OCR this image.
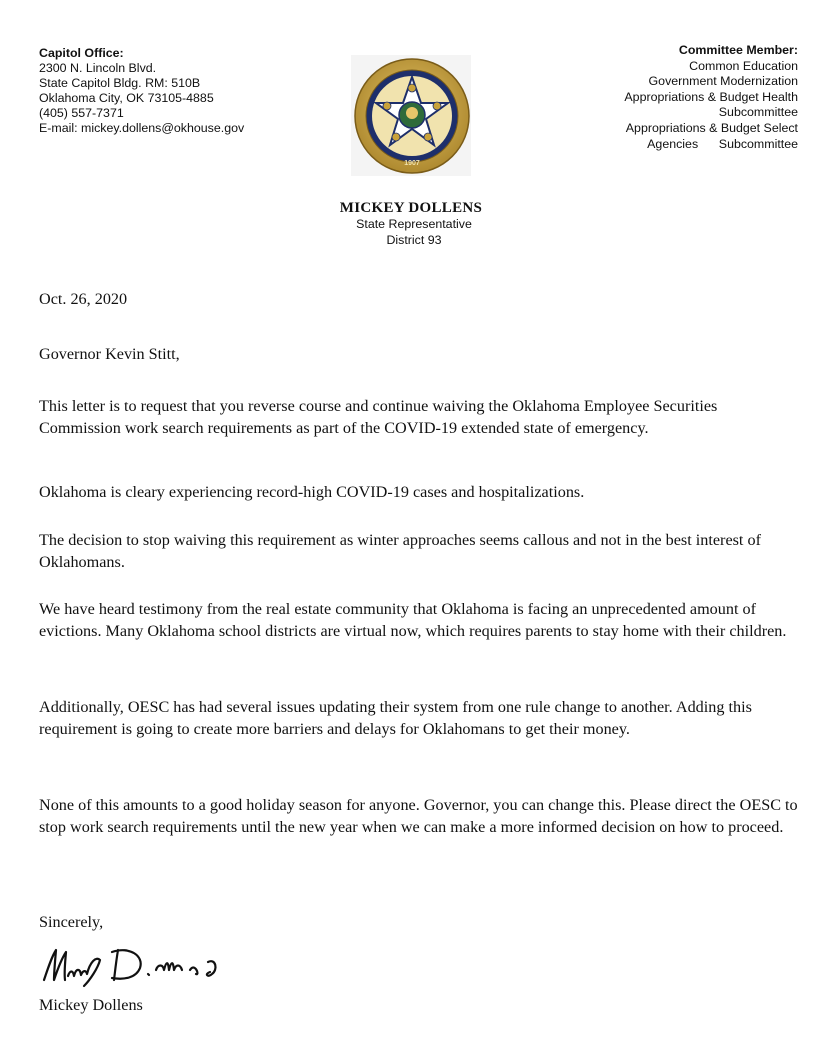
Capitol Office:
2300 N. Lincoln Blvd.
State Capitol Bldg. RM: 510B
Oklahoma City, OK 73105-4885
(405) 557-7371
E-mail: mickey.dollens@okhouse.gov
1907
Committee Member:
Common Education
Government Modernization
Appropriations & Budget Health
Subcommittee
Appropriations & Budget Select
Agencies      Subcommittee
MICKEY DOLLENS
State Representative
District 93

Oct. 26, 2020

Governor Kevin Stitt,

This letter is to request that you reverse course and continue waiving the Oklahoma Employee Securities Commission work search requirements as part of the COVID-19 extended state of emergency.

Oklahoma is cleary experiencing record-high COVID-19 cases and hospitalizations.

The decision to stop waiving this requirement as winter approaches seems callous and not in the best interest of Oklahomans.

We have heard testimony from the real estate community that Oklahoma is facing an unprecedented amount of evictions. Many Oklahoma school districts are virtual now, which requires parents to stay home with their children.

Additionally, OESC has had several issues updating their system from one rule change to another. Adding this requirement is going to create more barriers and delays for Oklahomans to get their money.

None of this amounts to a good holiday season for anyone. Governor, you can change this. Please direct the OESC to stop work search requirements until the new year when we can make a more informed decision on how to proceed.

Sincerely,

Mickey Dollens
